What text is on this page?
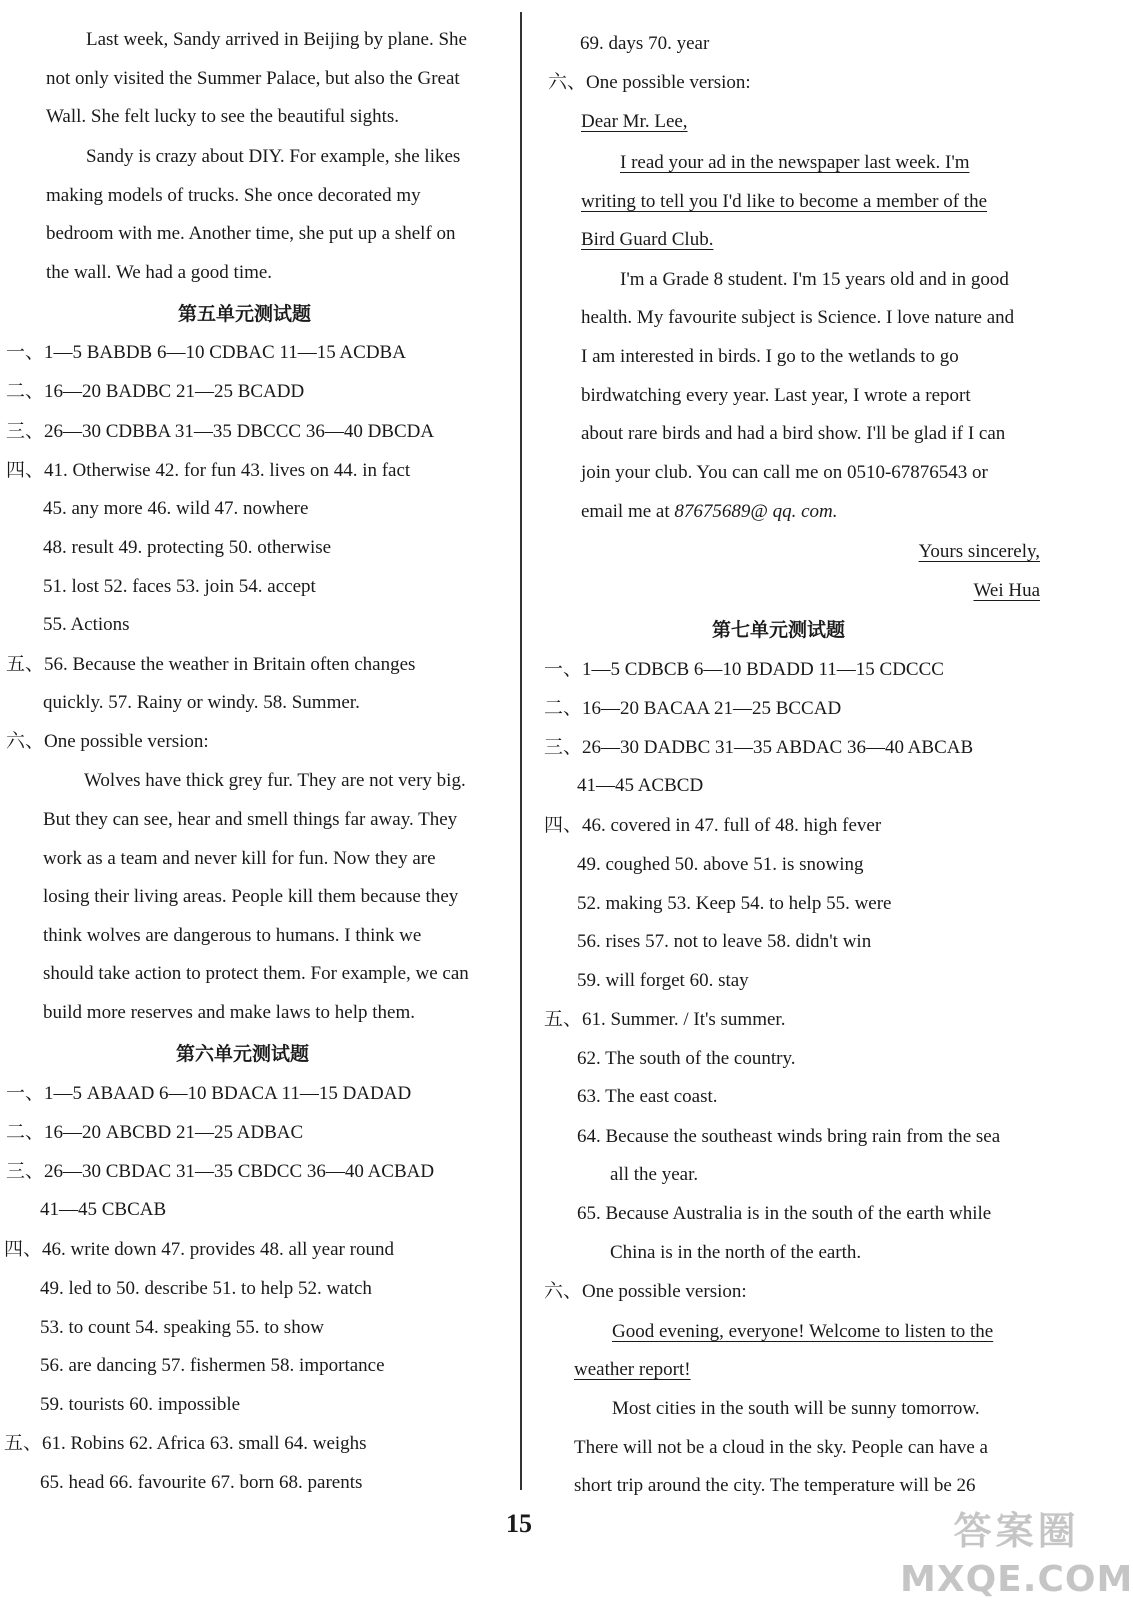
Last week, Sandy arrived in Beijing by plane. She
not only visited the Summer Palace, but also the Great
Wall. She felt lucky to see the beautiful sights.
Sandy is crazy about DIY. For example, she likes
making models of trucks. She once decorated my
bedroom with me. Another time, she put up a shelf on
the wall. We had a good time.
第五单元测试题
一、1—5 BABDB 6—10 CDBAC 11—15 ACDBA
二、16—20 BADBC 21—25 BCADD
三、26—30 CDBBA 31—35 DBCCC 36—40 DBCDA
四、41. Otherwise 42. for fun 43. lives on 44. in fact
45. any more 46. wild 47. nowhere
48. result 49. protecting 50. otherwise
51. lost 52. faces 53. join 54. accept
55. Actions
五、56. Because the weather in Britain often changes
quickly. 57. Rainy or windy. 58. Summer.
六、One possible version:
Wolves have thick grey fur. They are not very big.
But they can see, hear and smell things far away. They
work as a team and never kill for fun. Now they are
losing their living areas. People kill them because they
think wolves are dangerous to humans. I think we
should take action to protect them. For example, we can
build more reserves and make laws to help them.
第六单元测试题
一、1—5 ABAAD 6—10 BDACA 11—15 DADAD
二、16—20 ABCBD 21—25 ADBAC
三、26—30 CBDAC 31—35 CBDCC 36—40 ACBAD
41—45 CBCAB
四、46. write down 47. provides 48. all year round
49. led to 50. describe 51. to help 52. watch
53. to count 54. speaking 55. to show
56. are dancing 57. fishermen 58. importance
59. tourists 60. impossible
五、61. Robins 62. Africa 63. small 64. weighs
65. head 66. favourite 67. born 68. parents
69. days 70. year
六、One possible version:
Dear Mr. Lee,
I read your ad in the newspaper last week. I'm
writing to tell you I'd like to become a member of the
Bird Guard Club.
I'm a Grade 8 student. I'm 15 years old and in good
health. My favourite subject is Science. I love nature and
I am interested in birds. I go to the wetlands to go
birdwatching every year. Last year, I wrote a report
about rare birds and had a bird show. I'll be glad if I can
join your club. You can call me on 0510-67876543 or
email me at 87675689@ qq. com.
Yours sincerely,
Wei Hua
第七单元测试题
一、1—5 CDBCB 6—10 BDADD 11—15 CDCCC
二、16—20 BACAA 21—25 BCCAD
三、26—30 DADBC 31—35 ABDAC 36—40 ABCAB
41—45 ACBCD
四、46. covered in 47. full of 48. high fever
49. coughed 50. above 51. is snowing
52. making 53. Keep 54. to help 55. were
56. rises 57. not to leave 58. didn't win
59. will forget 60. stay
五、61. Summer. / It's summer.
62. The south of the country.
63. The east coast.
64. Because the southeast winds bring rain from the sea
all the year.
65. Because Australia is in the south of the earth while
China is in the north of the earth.
六、One possible version:
Good evening, everyone! Welcome to listen to the
weather report!
Most cities in the south will be sunny tomorrow.
There will not be a cloud in the sky. People can have a
short trip around the city. The temperature will be 26
15	答案圈
MXQE.COM
